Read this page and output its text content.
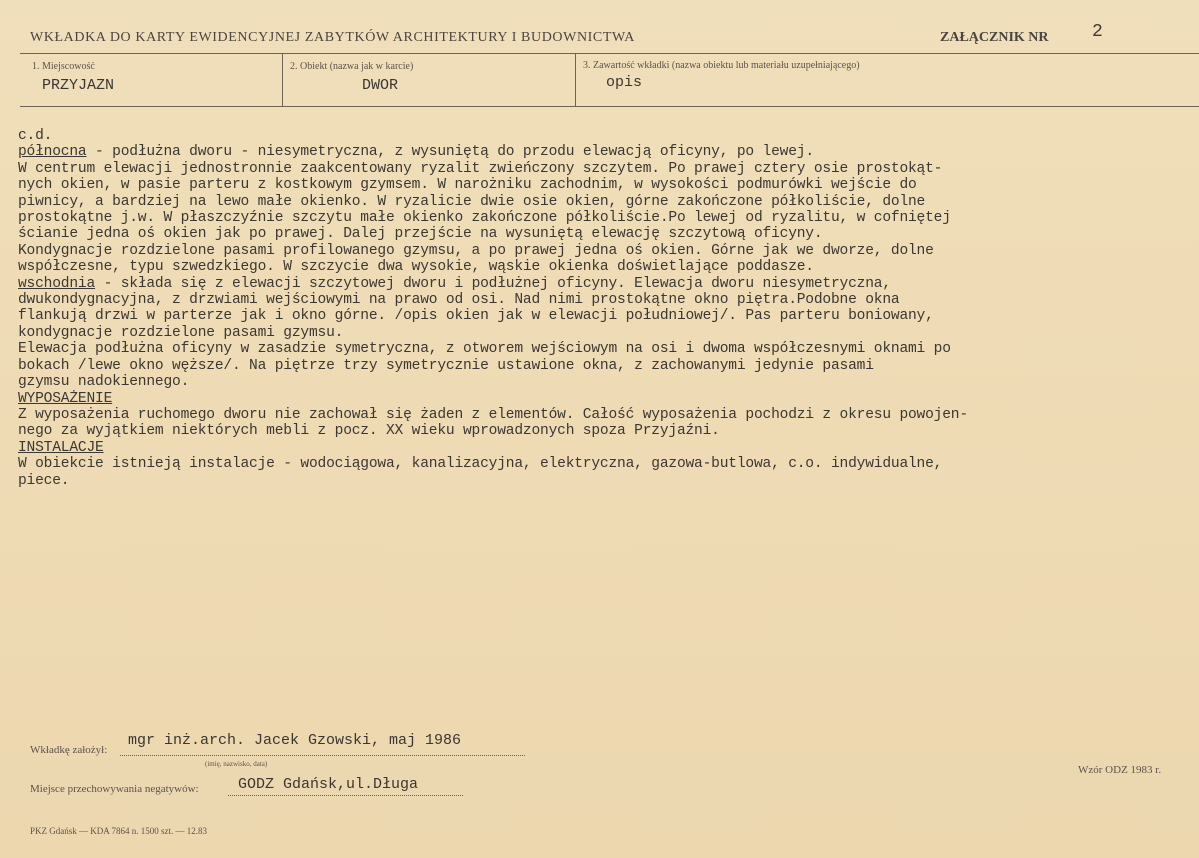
WKŁADKA DO KARTY EWIDENCYJNEJ ZABYTKÓW ARCHITEKTURY I BUDOWNICTWA	ZAŁĄCZNIK NR 2
1. Miejscowość
PRZYJAZN
2. Obiekt (nazwa jak w karcie)
DWOR
3. Zawartość wkładki (nazwa obiektu lub materiału uzupełniającego)
opis
c.d.
północna - podłużna dworu - niesymetryczna, z wysuniętą do przodu elewacją oficyny, po lewej.
W centrum elewacji jednostronnie zaakcentowany ryzalit zwieńczony szczytem. Po prawej cztery osie prostokąt-
nych okien, w pasie parteru z kostkowym gzymsem. W narożniku zachodnim, w wysokości podmurówki wejście do
piwnicy, a bardziej na lewo małe okienko. W ryzalicie dwie osie okien, górne zakończone półkoliście, dolne
prostokątne j.w. W płaszczyźnie szczytu małe okienko zakończone półkoliście.Po lewej od ryzalitu, w cofniętej
ścianie jedna oś okien jak po prawej. Dalej przejście na wysuniętą elewację szczytową oficyny.
Kondygnacje rozdzielone pasami profilowanego gzymsu, a po prawej jedna oś okien. Górne jak we dworze, dolne
współczesne, typu szwedzkiego. W szczycie dwa wysokie, wąskie okienka doświetlające poddasze.
wschodnia - składa się z elewacji szczytowej dworu i podłużnej oficyny. Elewacja dworu niesymetryczna,
dwukondygnacyjna, z drzwiami wejściowymi na prawo od osi. Nad nimi prostokątne okno piętra.Podobne okna
flankują drzwi w parterze jak i okno górne. /opis okien jak w elewacji południowej/. Pas parteru boniowany,
kondygnacje rozdzielone pasami gzymsu.
Elewacja podłużna oficyny w zasadzie symetryczna, z otworem wejściowym na osi i dwoma współczesnymi oknami po
bokach /lewe okno węższe/. Na piętrze trzy symetrycznie ustawione okna, z zachowanymi jedynie pasami
gzymsu nadokiennego.
WYPOSAŻENIE
Z wyposażenia ruchomego dworu nie zachował się żaden z elementów. Całość wyposażenia pochodzi z okresu powojen-
nego za wyjątkiem niektórych mebli z pocz. XX wieku wprowadzonych spoza Przyjaźni.
INSTALACJE
W obiekcie istnieją instalacje - wodociągowa, kanalizacyjna, elektryczna, gazowa-butlowa, c.o. indywidualne,
piece.
Wkładkę założył:
mgr inż.arch. Jacek Gzowski, maj 1986
(imię, nazwisko, data)
Miejsce przechowywania negatywów:	GODZ Gdańsk,ul.Długa
Wzór ODZ 1983 r.
PKZ Gdańsk — KDA 7864 n. 1500 szt. — 12.83
